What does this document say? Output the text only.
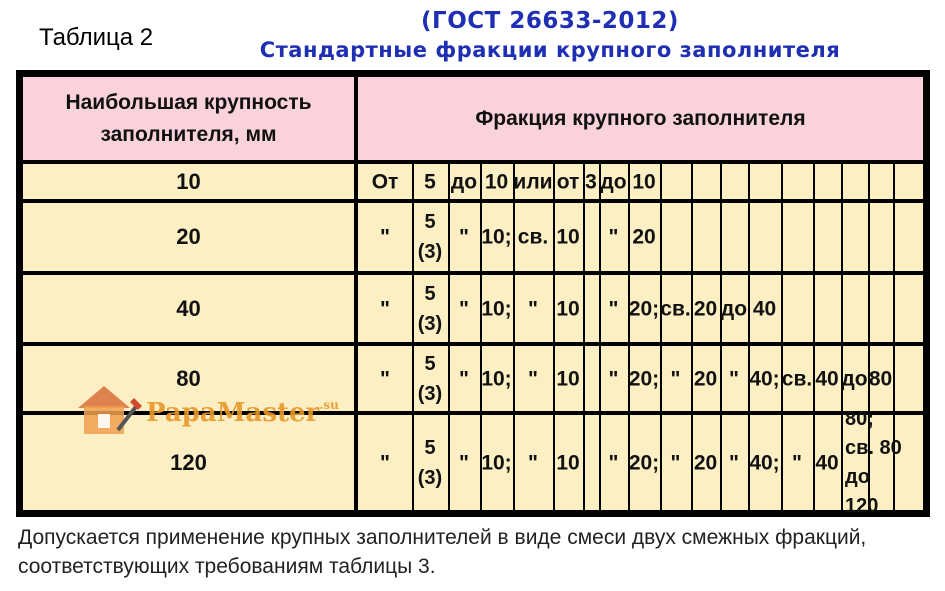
Таблица 2
(ГОСТ 26633-2012)
Стандартные фракции крупного заполнителя
Наибольшая крупность заполнителя, мм
Фракция крупного заполнителя
10
20
40
80
120
От 5 до 10 или от 3 до 10
"
5 (3)
" 10; св. 10 " 20
"
5 (3)
" 10; " 10 " 20; св. 20 до 40
"
5 (3)
" 10; " 10 " 20; " 20 " 40; св. 40 до 80
"
5 (3)
" 10; " 10 " 20; " 20 " 40; " 40
80; св. 80 до 120
PapaMaster$^{.su}$
Допускается применение крупных заполнителей в виде смеси двух смежных фракций, соответствующих требованиям таблицы 3.
